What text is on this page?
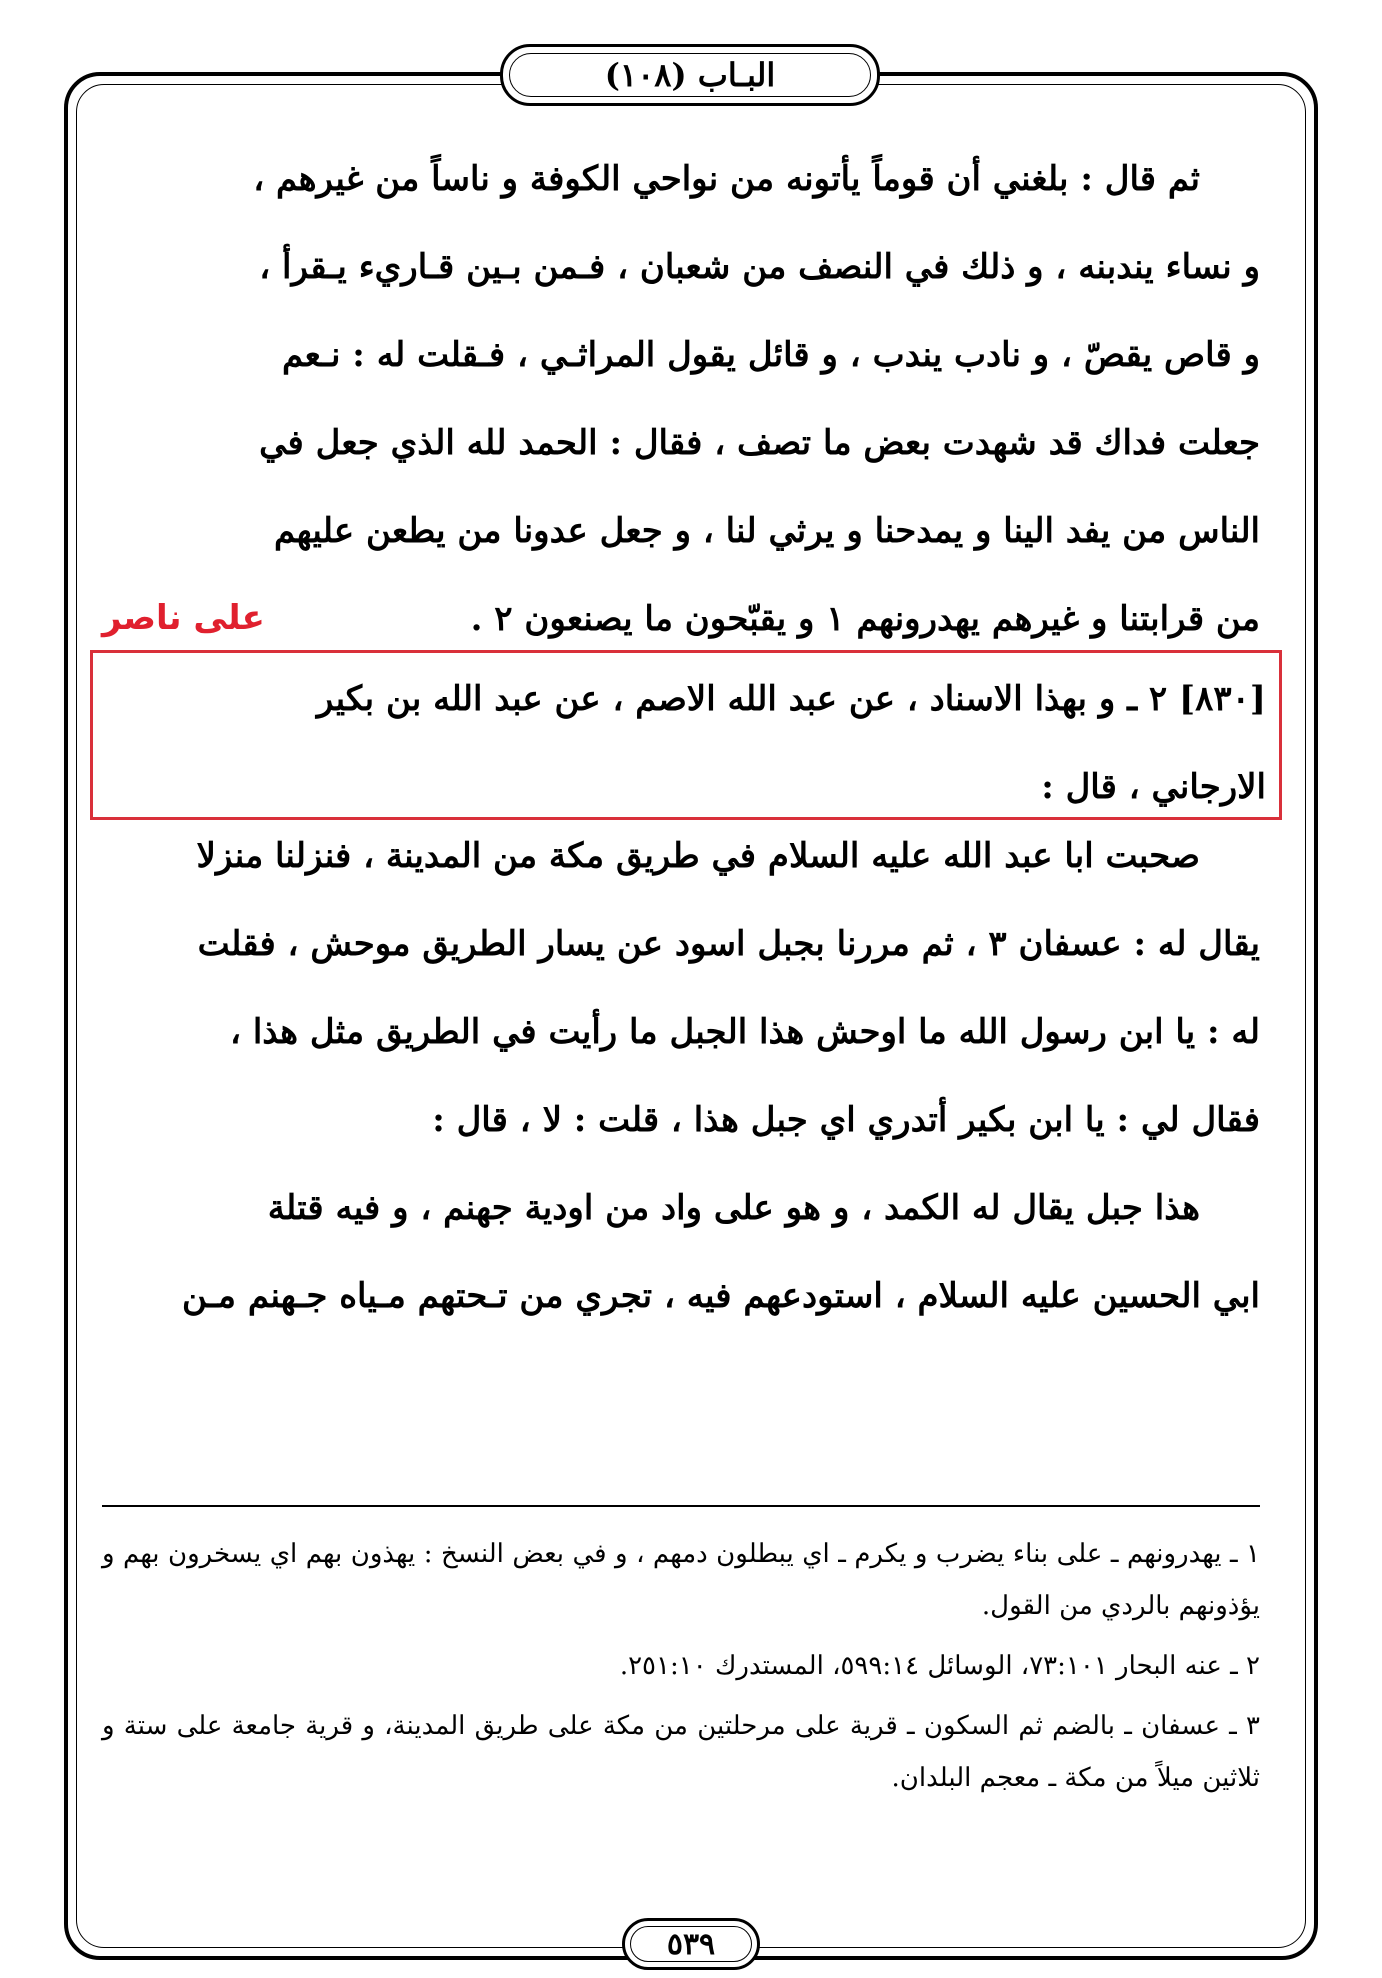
البـاب (١٠٨)

ثم قال : بلغني أن قوماً يأتونه من نواحي الكوفة و ناساً من غيرهم ،

و نساء يندبنه ، و ذلك في النصف من شعبان ، فـمن بـين قـاريء يـقرأ ،

و قاص يقصّ ، و نادب يندب ، و قائل يقول المراثـي ، فـقلت له : نـعم

جعلت فداك قد شهدت بعض ما تصف ، فقال : الحمد لله الذي جعل في

الناس من يفد الينا و يمدحنا و يرثي لنا ، و جعل عدونا من يطعن عليهم

من قرابتنا و غيرهم يهدرونهم ١ و يقبّحون ما يصنعون ٢ .

على ناصر

[٨٣٠] ٢ ـ و بهذا الاسناد ، عن عبد الله الاصم ، عن عبد الله بن بكير

الارجاني ، قال :

صحبت ابا عبد الله عليه السلام في طريق مكة من المدينة ، فنزلنا منزلا

يقال له : عسفان ٣ ، ثم مررنا بجبل اسود عن يسار الطريق موحش ، فقلت

له : يا ابن رسول الله ما اوحش هذا الجبل ما رأيت في الطريق مثل هذا ،

فقال لي : يا ابن بكير أتدري اي جبل هذا ، قلت : لا ، قال :

هذا جبل يقال له الكمد ، و هو على واد من اودية جهنم ، و فيه قتلة

ابي الحسين عليه السلام ، استودعهم فيه ، تجري من تـحتهم مـياه جـهنم مـن

١ ـ يهدرونهم ـ على بناء يضرب و يكرم ـ اي يبطلون دمهم ، و في بعض النسخ : يهذون بهم اي يسخرون بهم و يؤذونهم بالردي من القول.

٢ ـ عنه البحار ٧٣:١٠١، الوسائل ٥٩٩:١٤، المستدرك ٢٥١:١٠.

٣ ـ عسفان ـ بالضم ثم السكون ـ قرية على مرحلتين من مكة على طريق المدينة، و قرية جامعة على ستة و ثلاثين ميلاً من مكة ـ معجم البلدان.

٥٣٩
